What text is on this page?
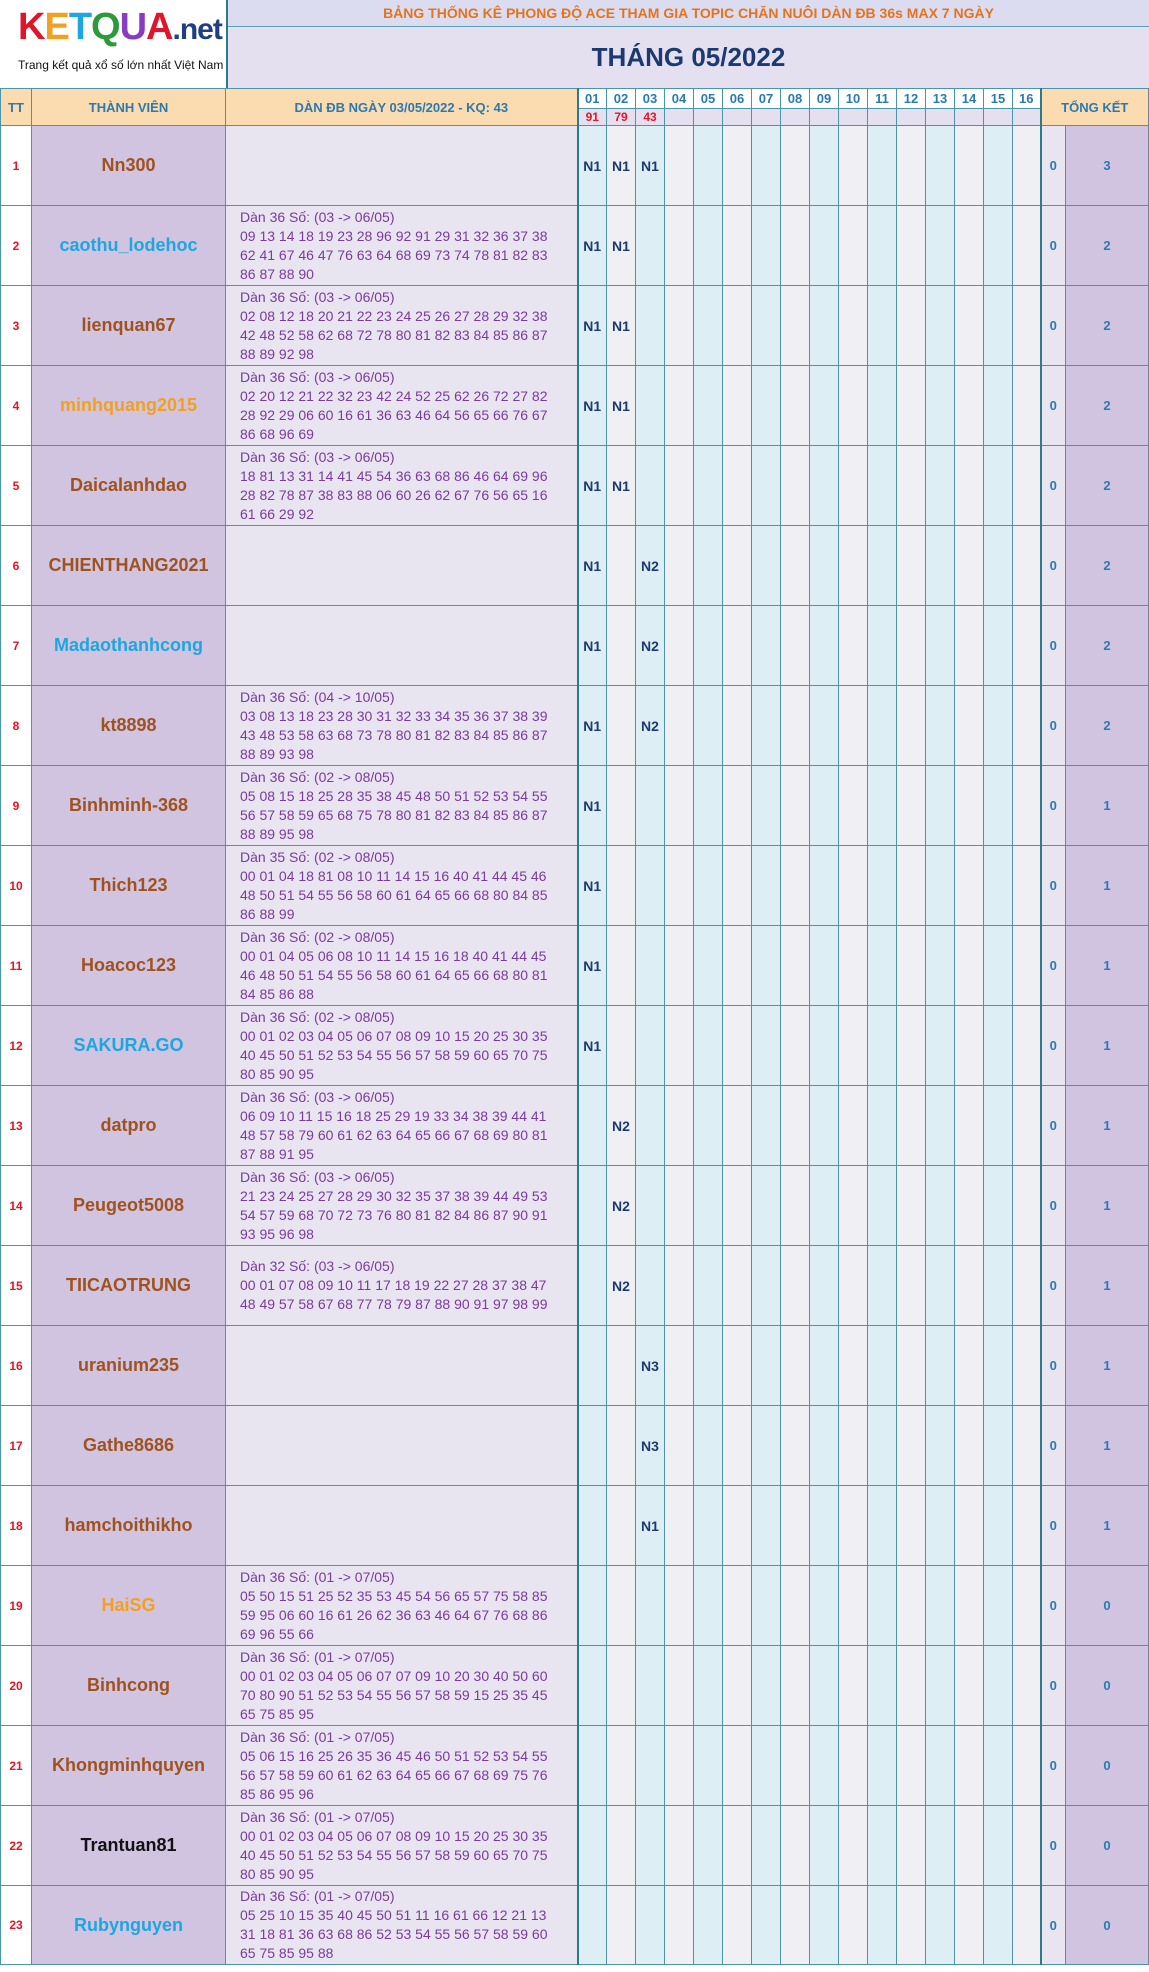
KETQUA.net
Trang kết quả xổ số lớn nhất Việt Nam
BẢNG THỐNG KÊ PHONG ĐỘ ACE THAM GIA TOPIC CHĂN NUÔI DÀN ĐB 36s MAX 7 NGÀY
THÁNG 05/2022
TT	THÀNH VIÊN	DÀN ĐB NGÀY 03/05/2022 - KQ: 43	01	02	03	04	05	06	07	08	09	10	11	12	13	14	15	16	TỔNG KẾT	
			91	79	43															
1	Nn300		N1	N1	N1														0	3
2	caothu_lodehoc	Dàn 36 Số: (03 -> 06/05)
09 13 14 18 19 23 28 96 92 91 29 31 32 36 37 38
62 41 67 46 47 76 63 64 68 69 73 74 78 81 82 83
86 87 88 90	N1	N1															0	2
3	lienquan67	Dàn 36 Số: (03 -> 06/05)
02 08 12 18 20 21 22 23 24 25 26 27 28 29 32 38
42 48 52 58 62 68 72 78 80 81 82 83 84 85 86 87
88 89 92 98	N1	N1															0	2
4	minhquang2015	Dàn 36 Số: (03 -> 06/05)
02 20 12 21 22 32 23 42 24 52 25 62 26 72 27 82
28 92 29 06 60 16 61 36 63 46 64 56 65 66 76 67
86 68 96 69	N1	N1															0	2
5	Daicalanhdao	Dàn 36 Số: (03 -> 06/05)
18 81 13 31 14 41 45 54 36 63 68 86 46 64 69 96
28 82 78 87 38 83 88 06 60 26 62 67 76 56 65 16
61 66 29 92	N1	N1															0	2
6	CHIENTHANG2021		N1		N2														0	2
7	Madaothanhcong		N1		N2														0	2
8	kt8898	Dàn 36 Số: (04 -> 10/05)
03 08 13 18 23 28 30 31 32 33 34 35 36 37 38 39
43 48 53 58 63 68 73 78 80 81 82 83 84 85 86 87
88 89 93 98	N1		N2														0	2
9	Binhminh-368	Dàn 36 Số: (02 -> 08/05)
05 08 15 18 25 28 35 38 45 48 50 51 52 53 54 55
56 57 58 59 65 68 75 78 80 81 82 83 84 85 86 87
88 89 95 98	N1																0	1
10	Thich123	Dàn 35 Số: (02 -> 08/05)
00 01 04 18 81 08 10 11 14 15 16 40 41 44 45 46
48 50 51 54 55 56 58 60 61 64 65 66 68 80 84 85
86 88 99	N1																0	1
11	Hoacoc123	Dàn 36 Số: (02 -> 08/05)
00 01 04 05 06 08 10 11 14 15 16 18 40 41 44 45
46 48 50 51 54 55 56 58 60 61 64 65 66 68 80 81
84 85 86 88	N1																0	1
12	SAKURA.GO	Dàn 36 Số: (02 -> 08/05)
00 01 02 03 04 05 06 07 08 09 10 15 20 25 30 35
40 45 50 51 52 53 54 55 56 57 58 59 60 65 70 75
80 85 90 95	N1																0	1
13	datpro	Dàn 36 Số: (03 -> 06/05)
06 09 10 11 15 16 18 25 29 19 33 34 38 39 44 41
48 57 58 79 60 61 62 63 64 65 66 67 68 69 80 81
87 88 91 95		N2															0	1
14	Peugeot5008	Dàn 36 Số: (03 -> 06/05)
21 23 24 25 27 28 29 30 32 35 37 38 39 44 49 53
54 57 59 68 70 72 73 76 80 81 82 84 86 87 90 91
93 95 96 98		N2															0	1
15	TIICAOTRUNG	Dàn 32 Số: (03 -> 06/05)
00 01 07 08 09 10 11 17 18 19 22 27 28 37 38 47
48 49 57 58 67 68 77 78 79 87 88 90 91 97 98 99		N2															0	1
16	uranium235				N3														0	1
17	Gathe8686				N3														0	1
18	hamchoithikho				N1														0	1
19	HaiSG	Dàn 36 Số: (01 -> 07/05)
05 50 15 51 25 52 35 53 45 54 56 65 57 75 58 85
59 95 06 60 16 61 26 62 36 63 46 64 67 76 68 86
69 96 55 66																	0	0
20	Binhcong	Dàn 36 Số: (01 -> 07/05)
00 01 02 03 04 05 06 07 07 09 10 20 30 40 50 60
70 80 90 51 52 53 54 55 56 57 58 59 15 25 35 45
65 75 85 95																	0	0
21	Khongminhquyen	Dàn 36 Số: (01 -> 07/05)
05 06 15 16 25 26 35 36 45 46 50 51 52 53 54 55
56 57 58 59 60 61 62 63 64 65 66 67 68 69 75 76
85 86 95 96																	0	0
22	Trantuan81	Dàn 36 Số: (01 -> 07/05)
00 01 02 03 04 05 06 07 08 09 10 15 20 25 30 35
40 45 50 51 52 53 54 55 56 57 58 59 60 65 70 75
80 85 90 95																	0	0
23	Rubynguyen	Dàn 36 Số: (01 -> 07/05)
05 25 10 15 35 40 45 50 51 11 16 61 66 12 21 13
31 18 81 36 63 68 86 52 53 54 55 56 57 58 59 60
65 75 85 95 88																	0	0
